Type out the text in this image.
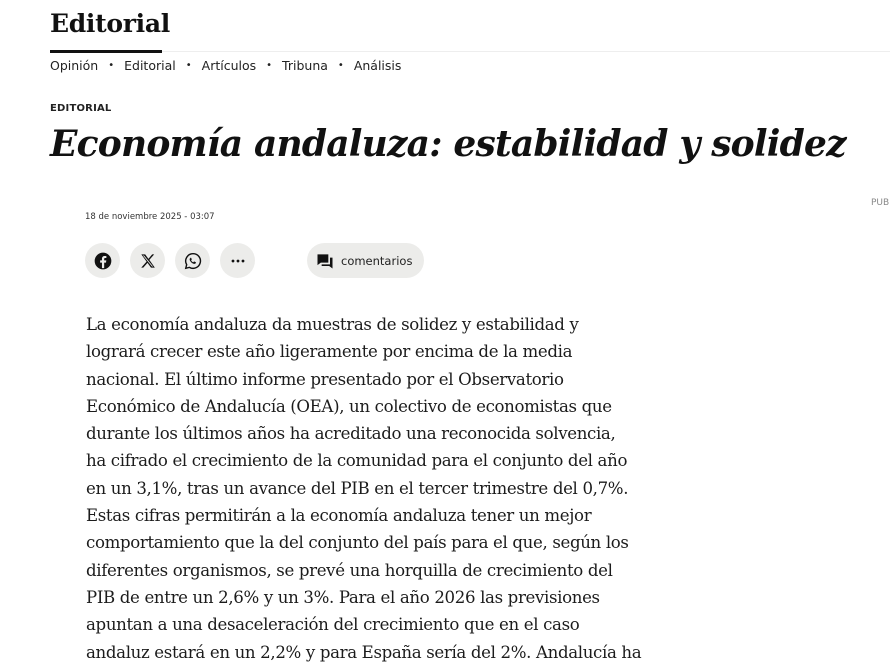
Editorial
Opinión • Editorial • Artículos • Tribuna • Análisis
EDITORIAL
Economía andaluza: estabilidad y solidez
PUB
18 de noviembre 2025 - 03:07
comentarios
La economía andaluza da muestras de solidez y estabilidad y
logrará crecer este año ligeramente por encima de la media
nacional. El último informe presentado por el Observatorio
Económico de Andalucía (OEA), un colectivo de economistas que
durante los últimos años ha acreditado una reconocida solvencia,
ha cifrado el crecimiento de la comunidad para el conjunto del año
en un 3,1%, tras un avance del PIB en el tercer trimestre del 0,7%.
Estas cifras permitirán a la economía andaluza tener un mejor
comportamiento que la del conjunto del país para el que, según los
diferentes organismos, se prevé una horquilla de crecimiento del
PIB de entre un 2,6% y un 3%. Para el año 2026 las previsiones
apuntan a una desaceleración del crecimiento que en el caso
andaluz estará en un 2,2% y para España sería del 2%. Andalucía ha
